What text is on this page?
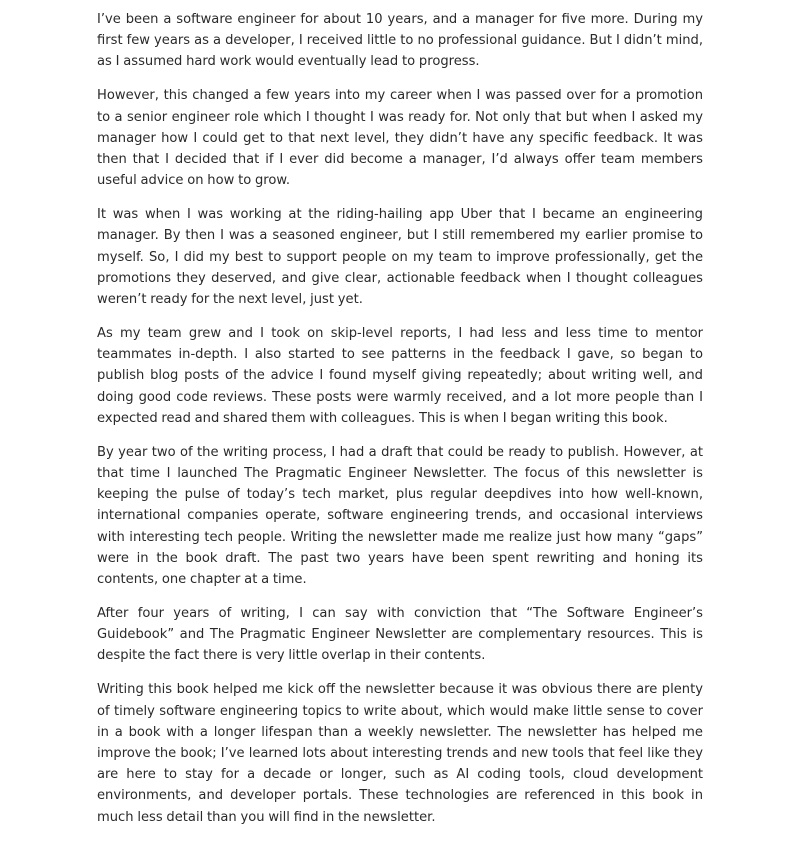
I’ve been a software engineer for about 10 years, and a manager for five more. During my first few years as a developer, I received little to no professional guidance. But I didn’t mind, as I assumed hard work would eventually lead to progress.

However, this changed a few years into my career when I was passed over for a promotion to a senior engineer role which I thought I was ready for. Not only that but when I asked my manager how I could get to that next level, they didn’t have any specific feedback. It was then that I decided that if I ever did become a manager, I’d always offer team members useful advice on how to grow.

It was when I was working at the riding-hailing app Uber that I became an engineering manager. By then I was a seasoned engineer, but I still remembered my earlier promise to myself. So, I did my best to support people on my team to improve professionally, get the promotions they deserved, and give clear, actionable feedback when I thought colleagues weren’t ready for the next level, just yet.

As my team grew and I took on skip-level reports, I had less and less time to mentor teammates in-depth. I also started to see patterns in the feedback I gave, so began to publish blog posts of the advice I found myself giving repeatedly; about writing well, and doing good code reviews. These posts were warmly received, and a lot more people than I expected read and shared them with colleagues. This is when I began writing this book.

By year two of the writing process, I had a draft that could be ready to publish. However, at that time I launched The Pragmatic Engineer Newsletter. The focus of this newsletter is keeping the pulse of today’s tech market, plus regular deepdives into how well-known, international companies operate, software engineering trends, and occasional interviews with interesting tech people. Writing the newsletter made me realize just how many “gaps” were in the book draft. The past two years have been spent rewriting and honing its contents, one chapter at a time.

After four years of writing, I can say with conviction that “The Software Engineer’s Guidebook” and The Pragmatic Engineer Newsletter are complementary resources. This is despite the fact there is very little overlap in their contents.

Writing this book helped me kick off the newsletter because it was obvious there are plenty of timely software engineering topics to write about, which would make little sense to cover in a book with a longer lifespan than a weekly newsletter. The newsletter has helped me improve the book; I’ve learned lots about interesting trends and new tools that feel like they are here to stay for a decade or longer, such as AI coding tools, cloud development environments, and developer portals. These technologies are referenced in this book in much less detail than you will find in the newsletter.
